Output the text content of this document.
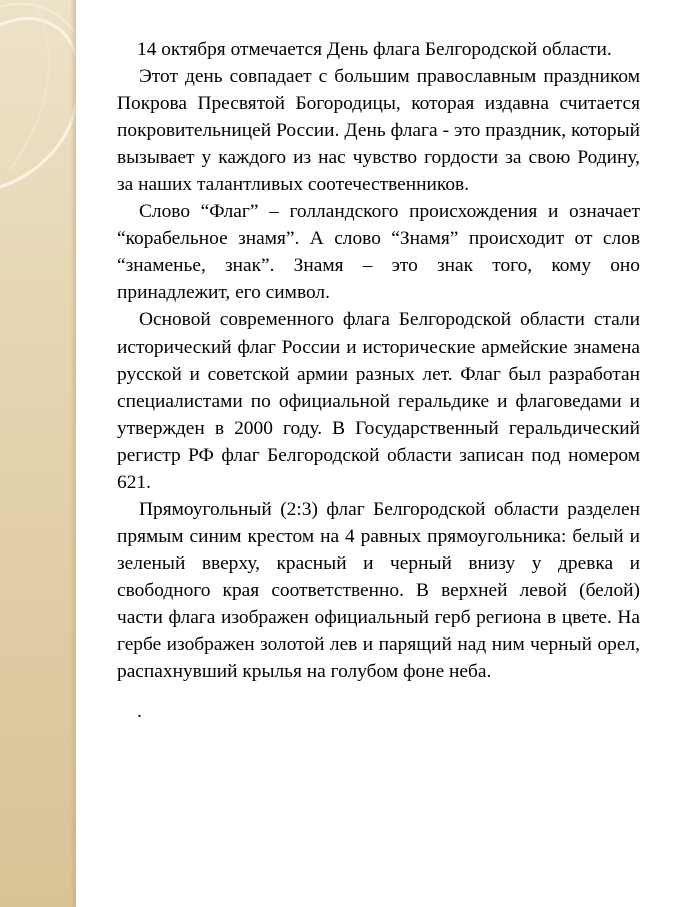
14 октября отмечается День флага Белгородской области.

Этот день совпадает с большим православным праздником Покрова Пресвятой Богородицы, которая издавна считается покровительницей России. День флага - это праздник, который вызывает у каждого из нас чувство гордости за свою Родину, за наших талантливых соотечественников.

Слово “Флаг” – голландского происхождения и означает “корабельное знамя”. А слово “Знамя” происходит от слов “знаменье, знак”. Знамя – это знак того, кому оно принадлежит, его символ.

Основой современного флага Белгородской области стали исторический флаг России и исторические армейские знамена русской и советской армии разных лет. Флаг был разработан специалистами по официальной геральдике и флаговедами и утвержден в 2000 году. В Государственный геральдический регистр РФ флаг Белгородской области записан под номером 621.

Прямоугольный (2:3) флаг Белгородской области разделен прямым синим крестом на 4 равных прямоугольника: белый и зеленый вверху, красный и черный внизу у древка и свободного края соответственно. В верхней левой (белой) части флага изображен официальный герб региона в цвете. На гербе изображен золотой лев и парящий над ним черный орел, распахнувший крылья на голубом фоне неба.

.
